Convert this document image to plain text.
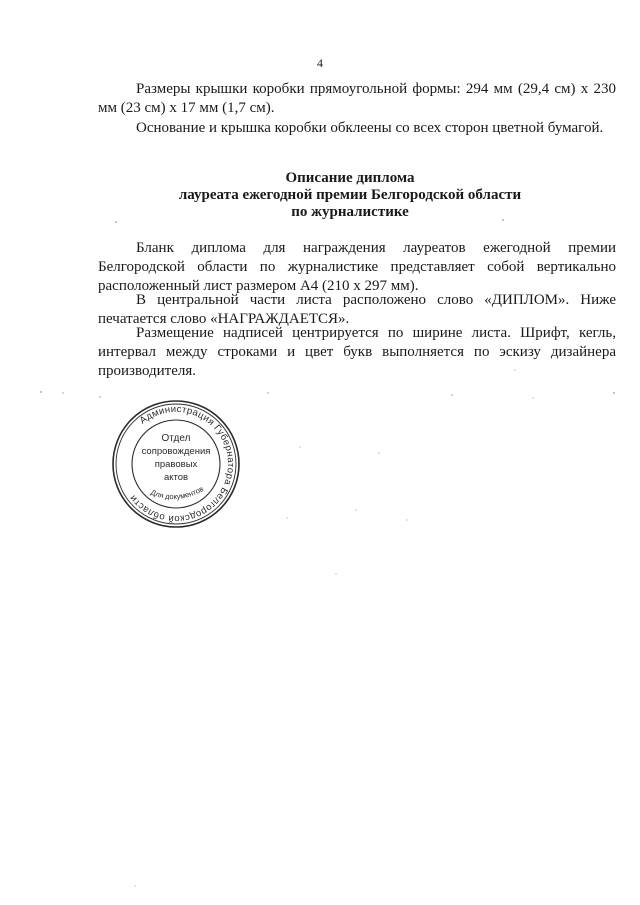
4

Размеры крышки коробки прямоугольной формы: 294 мм (29,4 см) х 230 мм (23 см) х 17 мм (1,7 см).

Основание и крышка коробки обклеены со всех сторон цветной бумагой.

Описание диплома
лауреата ежегодной премии Белгородской области
по журналистике

Бланк диплома для награждения лауреатов ежегодной премии Белгородской области по журналистике представляет собой вертикально расположенный лист размером А4 (210 х 297 мм).

В центральной части листа расположено слово «ДИПЛОМ». Ниже печатается слово «НАГРАЖДАЕТСЯ».

Размещение надписей центрируется по ширине листа. Шрифт, кегль, интервал между строками и цвет букв выполняется по эскизу дизайнера производителя.

Администрация Губернатора Белгородской области
Отдел
сопровождения
правовых
актов
Для документов
